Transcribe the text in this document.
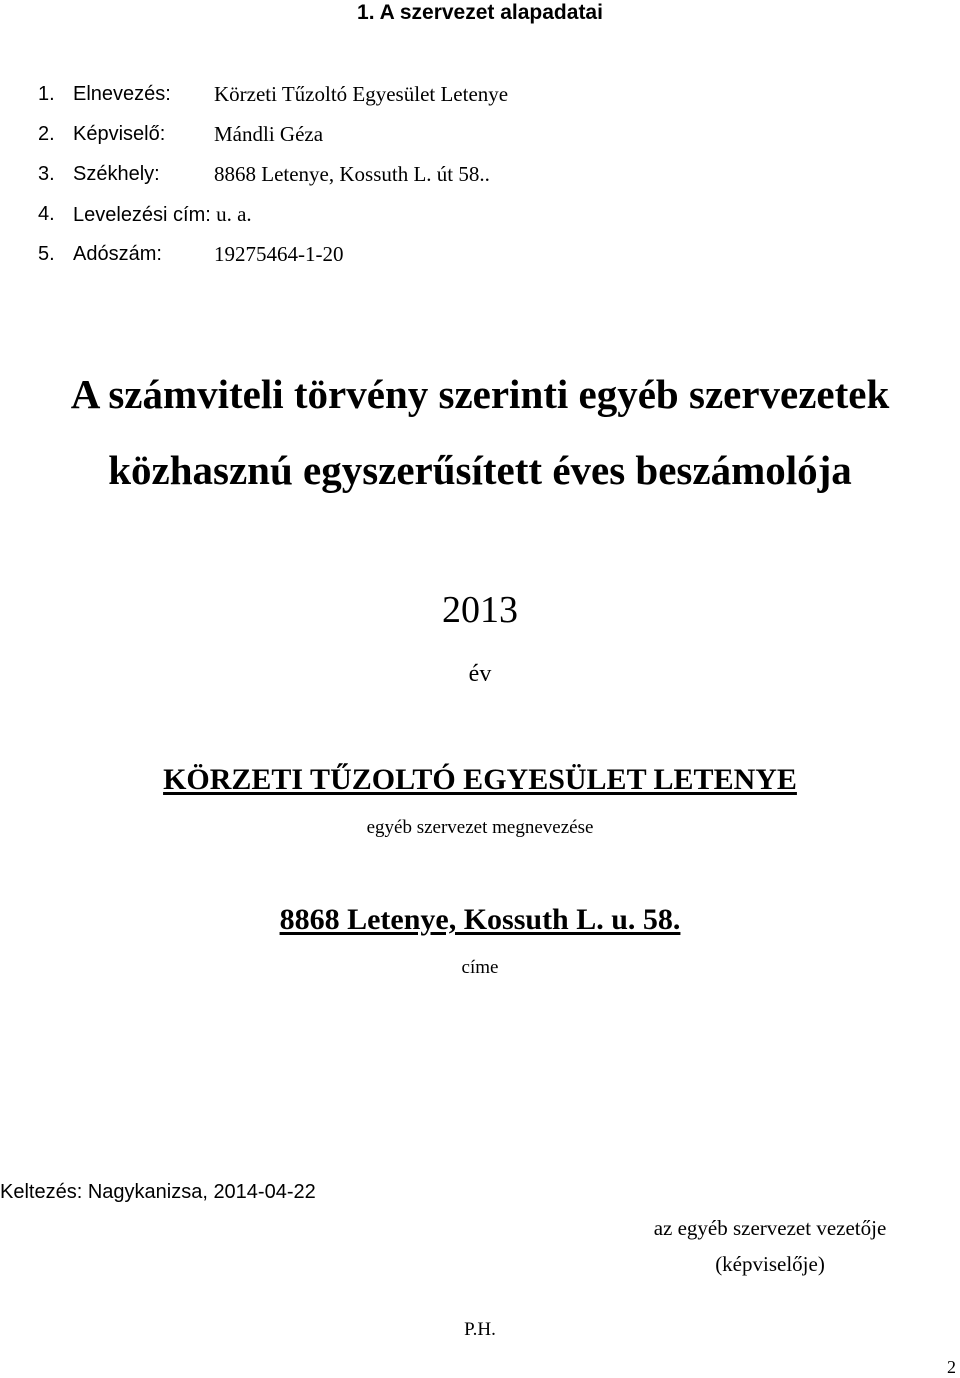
1. A szervezet alapadatai
1. Elnevezés: Körzeti Tűzoltó Egyesület Letenye
2. Képviselő: Mándli Géza
3. Székhely:	8868 Letenye, Kossuth L. út 58..
4. Levelezési cím: u. a.
5. Adószám: 19275464-1-20
A számviteli törvény szerinti egyéb szervezetek
közhasznú egyszerűsített éves beszámolója
2013
év
KÖRZETI TŰZOLTÓ EGYESÜLET LETENYE
egyéb szervezet megnevezése
8868 Letenye, Kossuth L. u. 58.
címe
Keltezés: Nagykanizsa, 2014-04-22
az egyéb szervezet vezetője
(képviselője)
P.H.
2
